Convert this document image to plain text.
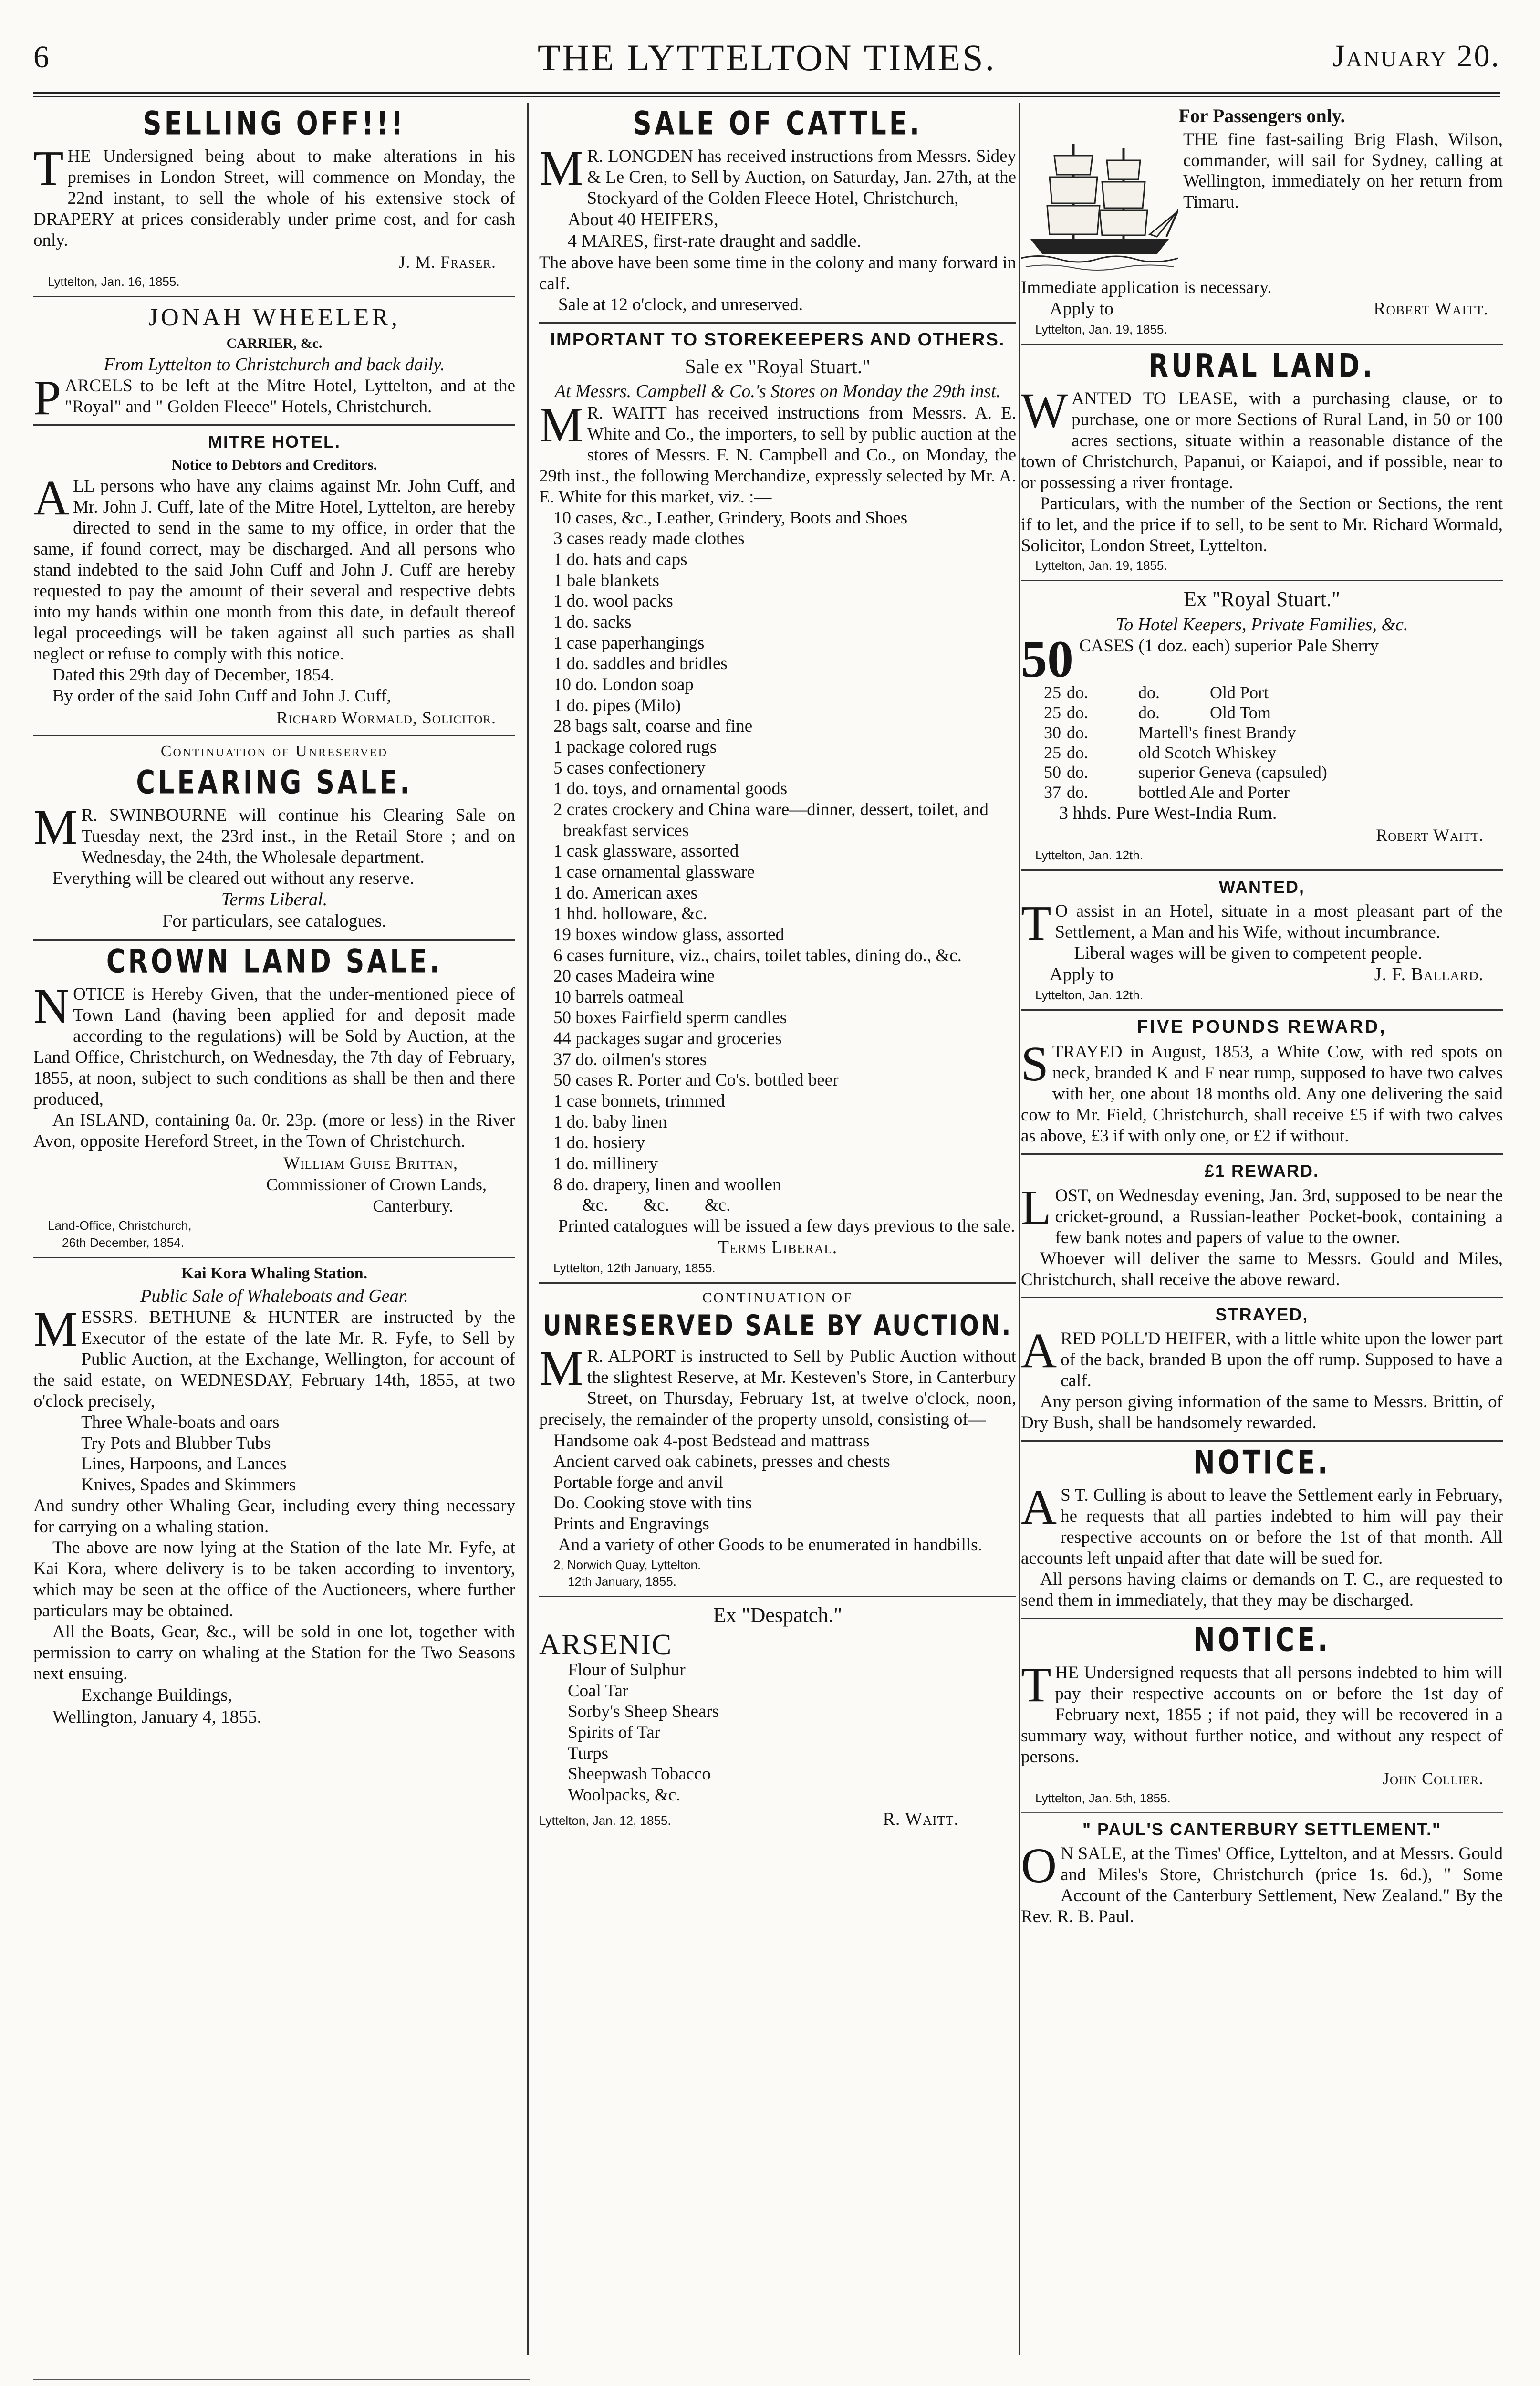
6	THE LYTTELTON TIMES.	January 20.
SELLING OFF!!!

THE Undersigned being about to make alterations in his premises in London Street, will commence on Monday, the 22nd instant, to sell the whole of his extensive stock of DRAPERY at prices considerably under prime cost, and for cash only.

J. M. Fraser.
Lyttelton, Jan. 16, 1855.
JONAH WHEELER,
CARRIER, &c.
From Lyttelton to Christchurch and back daily.

PARCELS to be left at the Mitre Hotel, Lyttelton, and at the "Royal" and " Golden Fleece" Hotels, Christchurch.

MITRE HOTEL.
Notice to Debtors and Creditors.

ALL persons who have any claims against Mr. John Cuff, and Mr. John J. Cuff, late of the Mitre Hotel, Lyttelton, are hereby directed to send in the same to my office, in order that the same, if found correct, may be discharged. And all persons who stand indebted to the said John Cuff and John J. Cuff are hereby requested to pay the amount of their several and respective debts into my hands within one month from this date, in default thereof legal proceedings will be taken against all such parties as shall neglect or refuse to comply with this notice.

Dated this 29th day of December, 1854.

By order of the said John Cuff and John J. Cuff,

Richard Wormald, Solicitor.
Continuation of Unreserved
CLEARING SALE.

MR. SWINBOURNE will continue his Clearing Sale on Tuesday next, the 23rd inst., in the Retail Store ; and on Wednesday, the 24th, the Wholesale department.

Everything will be cleared out without any reserve.

Terms Liberal.
For particulars, see catalogues.
CROWN LAND SALE.

NOTICE is Hereby Given, that the under-mentioned piece of Town Land (having been applied for and deposit made according to the regulations) will be Sold by Auction, at the Land Office, Christchurch, on Wednesday, the 7th day of February, 1855, at noon, subject to such conditions as shall be then and there produced,

An ISLAND, containing 0a. 0r. 23p. (more or less) in the River Avon, opposite Hereford Street, in the Town of Christchurch.

William Guise Brittan,
Commissioner of Crown Lands,
Canterbury.
Land-Office, Christchurch,
26th December, 1854.
Kai Kora Whaling Station.
Public Sale of Whaleboats and Gear.

MESSRS. BETHUNE & HUNTER are instructed by the Executor of the estate of the late Mr. R. Fyfe, to Sell by Public Auction, at the Exchange, Wellington, for account of the said estate, on WEDNESDAY, February 14th, 1855, at two o'clock precisely,

Three Whale-boats and oars
Try Pots and Blubber Tubs
Lines, Harpoons, and Lances
Knives, Spades and Skimmers

And sundry other Whaling Gear, including every thing necessary for carrying on a whaling station.

The above are now lying at the Station of the late Mr. Fyfe, at Kai Kora, where delivery is to be taken according to inventory, which may be seen at the office of the Auctioneers, where further particulars may be obtained.

All the Boats, Gear, &c., will be sold in one lot, together with permission to carry on whaling at the Station for the Two Seasons next ensuing.

Exchange Buildings,
Wellington, January 4, 1855.
SALE OF CATTLE.

MR. LONGDEN has received instructions from Messrs. Sidey & Le Cren, to Sell by Auction, on Saturday, Jan. 27th, at the Stockyard of the Golden Fleece Hotel, Christchurch,

About 40 HEIFERS,
4 MARES, first-rate draught and saddle.

The above have been some time in the colony and many forward in calf.

Sale at 12 o'clock, and unreserved.

IMPORTANT TO STOREKEEPERS AND OTHERS.
Sale ex "Royal Stuart."
At Messrs. Campbell & Co.'s Stores on Monday the 29th inst.

MR. WAITT has received instructions from Messrs. A. E. White and Co., the importers, to sell by public auction at the stores of Messrs. F. N. Campbell and Co., on Monday, the 29th inst., the following Merchandize, expressly selected by Mr. A. E. White for this market, viz. :—

10 cases, &c., Leather, Grindery, Boots and Shoes
3 cases ready made clothes
1 do. hats and caps
1 bale blankets
1 do. wool packs
1 do. sacks
1 case paperhangings
1 do. saddles and bridles
10 do. London soap
1 do. pipes (Milo)
28 bags salt, coarse and fine
1 package colored rugs
5 cases confectionery
1 do. toys, and ornamental goods
2 crates crockery and China ware—dinner, dessert, toilet, and breakfast services
1 cask glassware, assorted
1 case ornamental glassware
1 do. American axes
1 hhd. holloware, &c.
19 boxes window glass, assorted
6 cases furniture, viz., chairs, toilet tables, dining do., &c.
20 cases Madeira wine
10 barrels oatmeal
50 boxes Fairfield sperm candles
44 packages sugar and groceries
37 do. oilmen's stores
50 cases R. Porter and Co's. bottled beer
1 case bonnets, trimmed
1 do. baby linen
1 do. hosiery
1 do. millinery
8 do. drapery, linen and woollen
&c.        &c.        &c.

Printed catalogues will be issued a few days previous to the sale.

Terms Liberal.
Lyttelton, 12th January, 1855.
CONTINUATION OF
UNRESERVED SALE BY AUCTION.

MR. ALPORT is instructed to Sell by Public Auction without the slightest Reserve, at Mr. Kesteven's Store, in Canterbury Street, on Thursday, February 1st, at twelve o'clock, noon, precisely, the remainder of the property unsold, consisting of—

Handsome oak 4-post Bedstead and mattrass
Ancient carved oak cabinets, presses and chests
Portable forge and anvil
Do. Cooking stove with tins
Prints and Engravings

And a variety of other Goods to be enumerated in handbills.

2, Norwich Quay, Lyttelton.
12th January, 1855.
Ex "Despatch."
ARSENIC
Flour of Sulphur
Coal Tar
Sorby's Sheep Shears
Spirits of Tar
Turps
Sheepwash Tobacco
Woolpacks, &c.
Lyttelton, Jan. 12, 1855.	R. Waitt.
For Passengers only.
THE fine fast-sailing Brig Flash, Wilson, commander, will sail for Sydney, calling at Wellington, immediately on her return from Timaru.

Immediate application is necessary.

Apply to	Robert Waitt.
Lyttelton, Jan. 19, 1855.
RURAL LAND.

WANTED TO LEASE, with a purchasing clause, or to purchase, one or more Sections of Rural Land, in 50 or 100 acres sections, situate within a reasonable distance of the town of Christchurch, Papanui, or Kaiapoi, and if possible, near to or possessing a river frontage.

Particulars, with the number of the Section or Sections, the rent if to let, and the price if to sell, to be sent to Mr. Richard Wormald, Solicitor, London Street, Lyttelton.

Lyttelton, Jan. 19, 1855.
Ex "Royal Stuart."
To Hotel Keepers, Private Families, &c.
50 CASES (1 doz. each) superior Pale Sherry

25	do.	do.	Old Port
25	do.	do.	Old Tom
30	do.	Martell's finest Brandy	
25	do.	old Scotch Whiskey	
50	do.	superior Geneva (capsuled)	
37	do.	bottled Ale and Porter	
3 hhds. Pure West-India Rum.
Robert Waitt.
Lyttelton, Jan. 12th.
WANTED,

TO assist in an Hotel, situate in a most pleasant part of the Settlement, a Man and his Wife, without incumbrance.

Liberal wages will be given to competent people.

Apply to	J. F. Ballard.
Lyttelton, Jan. 12th.
FIVE POUNDS REWARD,

STRAYED in August, 1853, a White Cow, with red spots on neck, branded K and F near rump, supposed to have two calves with her, one about 18 months old. Any one delivering the said cow to Mr. Field, Christchurch, shall receive £5 if with two calves as above, £3 if with only one, or £2 if without.

£1 REWARD.

LOST, on Wednesday evening, Jan. 3rd, supposed to be near the cricket-ground, a Russian-leather Pocket-book, containing a few bank notes and papers of value to the owner.

Whoever will deliver the same to Messrs. Gould and Miles, Christchurch, shall receive the above reward.

STRAYED,

ARED POLL'D HEIFER, with a little white upon the lower part of the back, branded B upon the off rump. Supposed to have a calf.

Any person giving information of the same to Messrs. Brittin, of Dry Bush, shall be handsomely rewarded.

NOTICE.

AS T. Culling is about to leave the Settlement early in February, he requests that all parties indebted to him will pay their respective accounts on or before the 1st of that month. All accounts left unpaid after that date will be sued for.

All persons having claims or demands on T. C., are requested to send them in immediately, that they may be discharged.

NOTICE.

THE Undersigned requests that all persons indebted to him will pay their respective accounts on or before the 1st day of February next, 1855 ; if not paid, they will be recovered in a summary way, without further notice, and without any respect of persons.

John Collier.
Lyttelton, Jan. 5th, 1855.
" PAUL'S CANTERBURY SETTLEMENT."

ON SALE, at the Times' Office, Lyttelton, and at Messrs. Gould and Miles's Store, Christchurch (price 1s. 6d.), " Some Account of the Canterbury Settlement, New Zealand." By the Rev. R. B. Paul.
